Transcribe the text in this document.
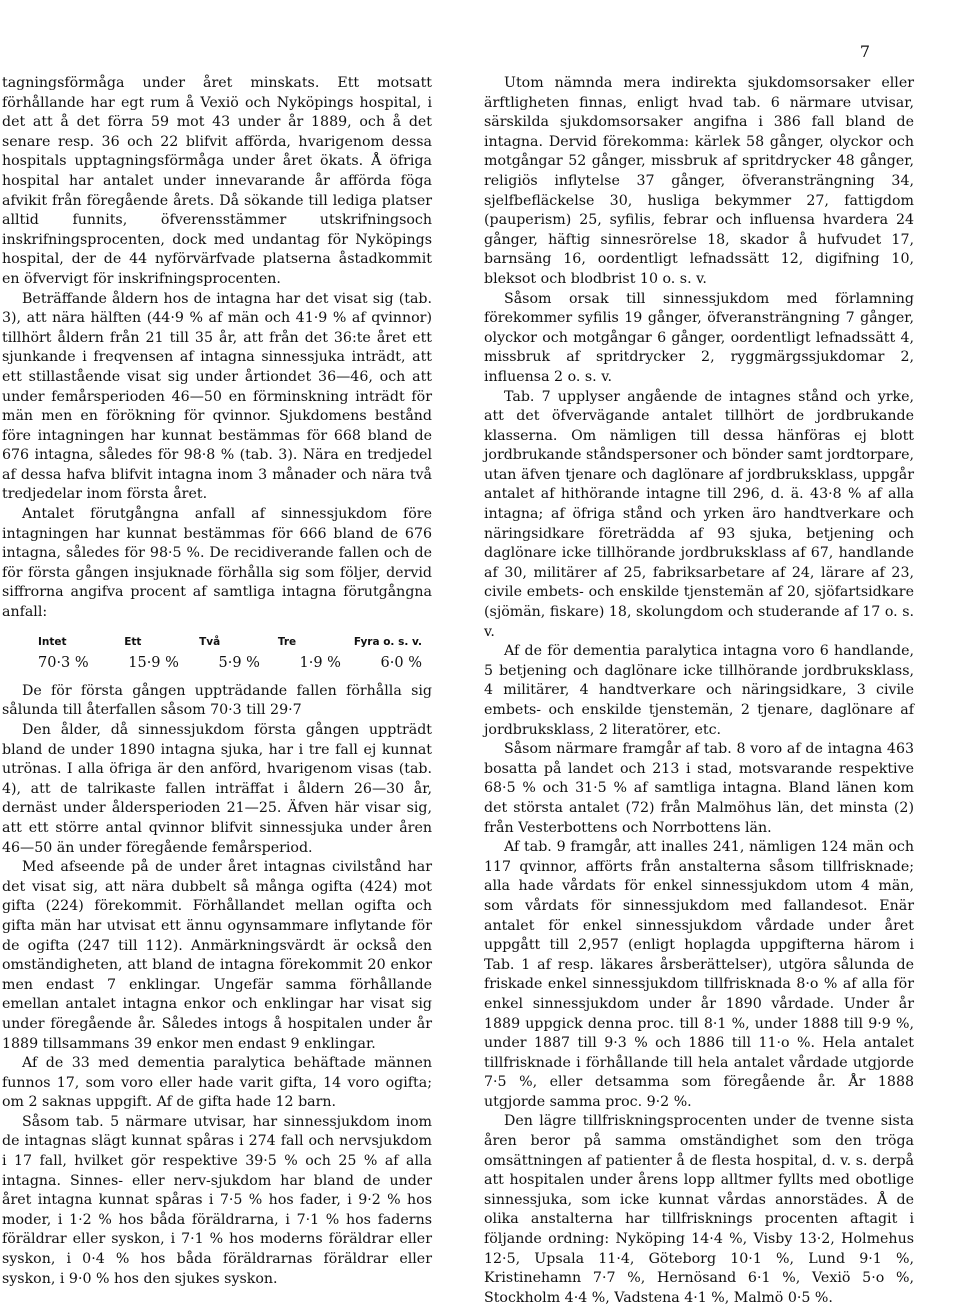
7

tagningsförmåga under året minskats. Ett motsatt förhållande har egt rum å Vexiö och Nyköpings hospital, i det att å det förra 59 mot 43 under år 1889, och å det senare resp. 36 och 22 blifvit afförda, hvarigenom dessa hospitals upptagningsförmåga under året ökats. Å öfriga hospital har antalet under innevarande år afförda föga afvikit från föregående årets. Då sökande till lediga platser alltid funnits, öfverensstämmer utskrifningsoch inskrifningsprocenten, dock med undantag för Nyköpings hospital, der de 44 nyförvärfvade platserna åstadkommit en öfvervigt för inskrifningsprocenten.

Beträffande åldern hos de intagna har det visat sig (tab. 3), att nära hälften (44·9 % af män och 41·9 % af qvinnor) tillhört åldern från 21 till 35 år, att från det 36:te året ett sjunkande i freqvensen af intagna sinnessjuka inträdt, att ett stillastående visat sig under årtiondet 36—46, och att under femårsperioden 46—50 en förminskning inträdt för män men en förökning för qvinnor. Sjukdomens bestånd före intagningen har kunnat bestämmas för 668 bland de 676 intagna, således för 98·8 % (tab. 3). Nära en tredjedel af dessa hafva blifvit intagna inom 3 månader och nära två tredjedelar inom första året.

Antalet förutgångna anfall af sinnessjukdom före intagningen har kunnat bestämmas för 666 bland de 676 intagna, således för 98·5 %. De recidiverande fallen och de för första gången insjuknade förhålla sig som följer, dervid siffrorna angifva procent af samtliga intagna förutgångna anfall:

Intet	Ett	Två	Tre	Fyra o. s. v.
70·3 %	15·9 %	5·9 %	1·9 %	6·0 %

De för första gången uppträdande fallen förhålla sig sålunda till återfallen såsom 70·3 till 29·7

Den ålder, då sinnessjukdom första gången uppträdt bland de under 1890 intagna sjuka, har i tre fall ej kunnat utrönas. I alla öfriga är den anförd, hvarigenom visas (tab. 4), att de talrikaste fallen inträffat i åldern 26—30 år, dernäst under åldersperioden 21—25. Äfven här visar sig, att ett större antal qvinnor blifvit sinnessjuka under åren 46—50 än under föregående femårsperiod.

Med afseende på de under året intagnas civilstånd har det visat sig, att nära dubbelt så många ogifta (424) mot gifta (224) förekommit. Förhållandet mellan ogifta och gifta män har utvisat ett ännu ogynsammare inflytande för de ogifta (247 till 112). Anmärkningsvärdt är också den omständigheten, att bland de intagna förekommit 20 enkor men endast 7 enklingar. Ungefär samma förhållande emellan antalet intagna enkor och enklingar har visat sig under föregående år. Således intogs å hospitalen under år 1889 tillsammans 39 enkor men endast 9 enklingar.

Af de 33 med dementia paralytica behäftade männen funnos 17, som voro eller hade varit gifta, 14 voro ogifta; om 2 saknas uppgift. Af de gifta hade 12 barn.

Såsom tab. 5 närmare utvisar, har sinnessjukdom inom de intagnas slägt kunnat spåras i 274 fall och nervsjukdom i 17 fall, hvilket gör respektive 39·5 % och 25 % af alla intagna. Sinnes- eller nerv-sjukdom har bland de under året intagna kunnat spåras i 7·5 % hos fader, i 9·2 % hos moder, i 1·2 % hos båda föräldrarna, i 7·1 % hos faderns föräldrar eller syskon, i 7·1 % hos moderns föräldrar eller syskon, i 0·4 % hos båda föräldrarnas föräldrar eller syskon, i 9·0 % hos den sjukes syskon.

Utom nämnda mera indirekta sjukdomsorsaker eller ärftligheten finnas, enligt hvad tab. 6 närmare utvisar, särskilda sjukdomsorsaker angifna i 386 fall bland de intagna. Dervid förekomma: kärlek 58 gånger, olyckor och motgångar 52 gånger, missbruk af spritdrycker 48 gånger, religiös inflytelse 37 gånger, öfveransträngning 34, sjelfbefläckelse 30, husliga bekymmer 27, fattigdom (pauperism) 25, syfilis, febrar och influensa hvardera 24 gånger, häftig sinnesrörelse 18, skador å hufvudet 17, barnsäng 16, oordentligt lefnadssätt 12, digifning 10, bleksot och blodbrist 10 o. s. v.

Såsom orsak till sinnessjukdom med förlamning förekommer syfilis 19 gånger, öfveransträngning 7 gånger, olyckor och motgångar 6 gånger, oordentligt lefnadssätt 4, missbruk af spritdrycker 2, ryggmärgssjukdomar 2, influensa 2 o. s. v.

Tab. 7 upplyser angående de intagnes stånd och yrke, att det öfvervägande antalet tillhört de jordbrukande klasserna. Om nämligen till dessa hänföras ej blott jordbrukande ståndspersoner och bönder samt jordtorpare, utan äfven tjenare och daglönare af jordbruksklass, uppgår antalet af hithörande intagne till 296, d. ä. 43·8 % af alla intagna; af öfriga stånd och yrken äro handtverkare och näringsidkare företrädda af 93 sjuka, betjening och daglönare icke tillhörande jordbruksklass af 67, handlande af 30, militärer af 25, fabriksarbetare af 24, lärare af 23, civile embets- och enskilde tjenstemän af 20, sjöfartsidkare (sjömän, fiskare) 18, skolungdom och studerande af 17 o. s. v.

Af de för dementia paralytica intagna voro 6 handlande, 5 betjening och daglönare icke tillhörande jordbruksklass, 4 militärer, 4 handtverkare och näringsidkare, 3 civile embets- och enskilde tjenstemän, 2 tjenare, daglönare af jordbruksklass, 2 literatörer, etc.

Såsom närmare framgår af tab. 8 voro af de intagna 463 bosatta på landet och 213 i stad, motsvarande respektive 68·5 % och 31·5 % af samtliga intagna. Bland länen kom det största antalet (72) från Malmöhus län, det minsta (2) från Vesterbottens och Norrbottens län.

Af tab. 9 framgår, att inalles 241, nämligen 124 män och 117 qvinnor, afförts från anstalterna såsom tillfrisknade; alla hade vårdats för enkel sinnessjukdom utom 4 män, som vårdats för sinnessjukdom med fallandesot. Enär antalet för enkel sinnessjukdom vårdade under året uppgått till 2,957 (enligt hoplagda uppgifterna härom i Tab. 1 af resp. läkares årsberättelser), utgöra sålunda de friskade enkel sinnessjukdom tillfrisknada 8·o % af alla för enkel sinnessjukdom under år 1890 vårdade. Under år 1889 uppgick denna proc. till 8·1 %, under 1888 till 9·9 %, under 1887 till 9·3 % och 1886 till 11·o %. Hela antalet tillfrisknade i förhållande till hela antalet vårdade utgjorde 7·5 %, eller detsamma som föregående år. År 1888 utgjorde samma proc. 9·2 %.

Den lägre tillfriskningsprocenten under de tvenne sista åren beror på samma omständighet som den tröga omsättningen af patienter å de flesta hospital, d. v. s. derpå att hospitalen under årens lopp alltmer fyllts med obotlige sinnessjuka, som icke kunnat vårdas annorstädes. Å de olika anstalterna har tillfrisknings procenten aftagit i följande ordning: Nyköping 14·4 %, Visby 13·2, Holmehus 12·5, Upsala 11·4, Göteborg 10·1 %, Lund 9·1 %, Kristinehamn 7·7 %, Hernösand 6·1 %, Vexiö 5·o %, Stockholm 4·4 %, Vadstena 4·1 %, Malmö 0·5 %.
